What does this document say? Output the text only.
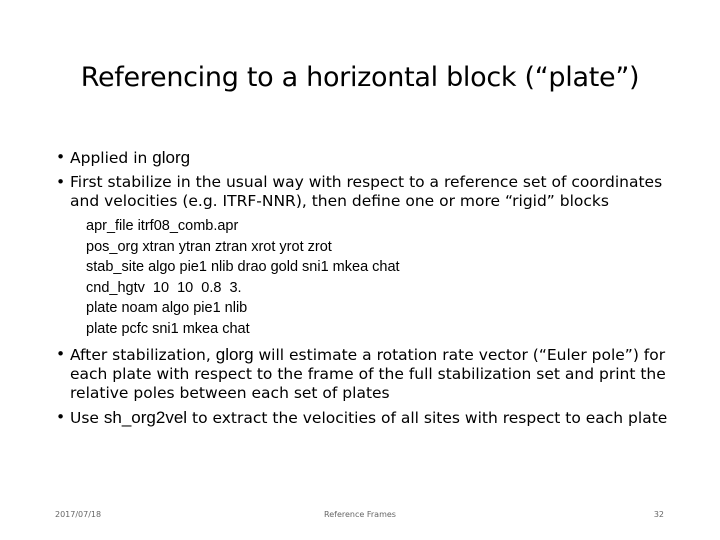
Referencing to a horizontal block (“plate”)
• Applied in glorg
• First stabilize in the usual way with respect to a reference set of coordinates and velocities (e.g. ITRF-NNR), then define one or more “rigid” blocks
apr_file itrf08_comb.apr
pos_org xtran ytran ztran xrot yrot zrot
stab_site algo pie1 nlib drao gold sni1 mkea chat
cnd_hgtv  10  10  0.8  3.
plate noam algo pie1 nlib
plate pcfc sni1 mkea chat
• After stabilization, glorg will estimate a rotation rate vector (“Euler pole”) for each plate with respect to the frame of the full stabilization set and print the relative poles between each set of plates
• Use sh_org2vel to extract the velocities of all sites with respect to each plate
2017/07/18	Reference Frames	32
